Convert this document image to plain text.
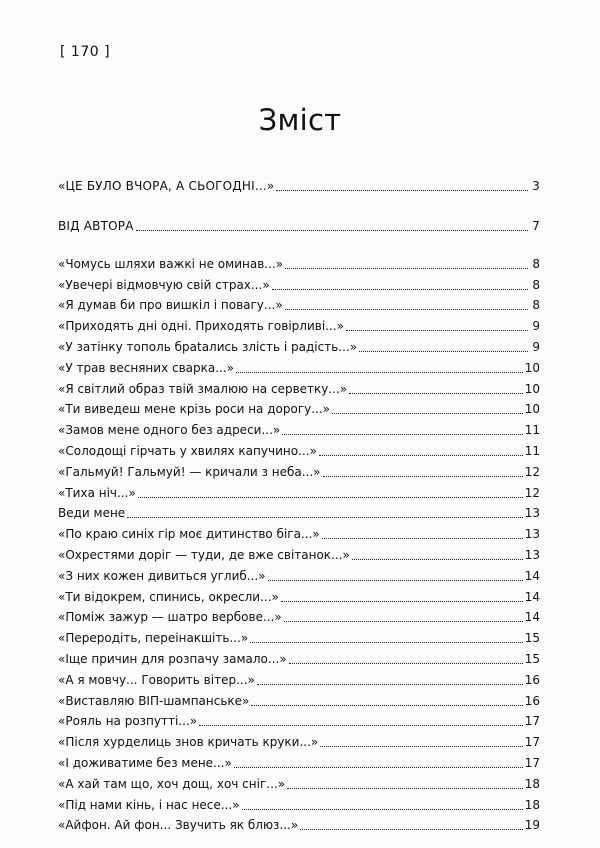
[ 170 ]
Зміст
«ЦЕ БУЛО ВЧОРА, А СЬОГОДНІ...»	3
ВІД АВТОРА	7
«Чомусь шляхи важкі не оминав...»	8
«Увечері відмовчую свій страх...»	8
«Я думав би про вишкіл і повагу...»	8
«Приходять дні одні. Приходять говірливі...»	9
«У затінку тополь брatались злість і радість...»	9
«У трав весняних сварка...»	10
«Я світлий образ твій змалюю на серветку...»	10
«Ти виведеш мене крізь роси на дорогу...»	10
«Замов мене одного без адреси...»	11
«Солодощі гірчать у хвилях капучино...»	11
«Гальмуй! Гальмуй! — кричали з неба...»	12
«Тиха ніч...»	12
Веди мене	13
«По краю синіх гір моє дитинство біга...»	13
«Охрестями доріг — туди, де вже світанок...»	13
«З них кожен дивиться углиб...»	14
«Ти відокрем, спинись, окресли...»	14
«Поміж зажур — шатро вербове...»	14
«Переродіть, переінакшіть...»	15
«Іще причин для розпачу замало...»	15
«А я мовчу... Говорить вітер...»	16
«Виставляю ВІП-шампанське»	16
«Рояль на розпутті...»	17
«Після хурделиць знов кричать круки...»	17
«І доживатиме без мене...»	17
«А хай там що, хоч дощ, хоч сніг...»	18
«Під нами кінь, і нас несе...»	18
«Айфон. Ай фон... Звучить як блюз...»	19
